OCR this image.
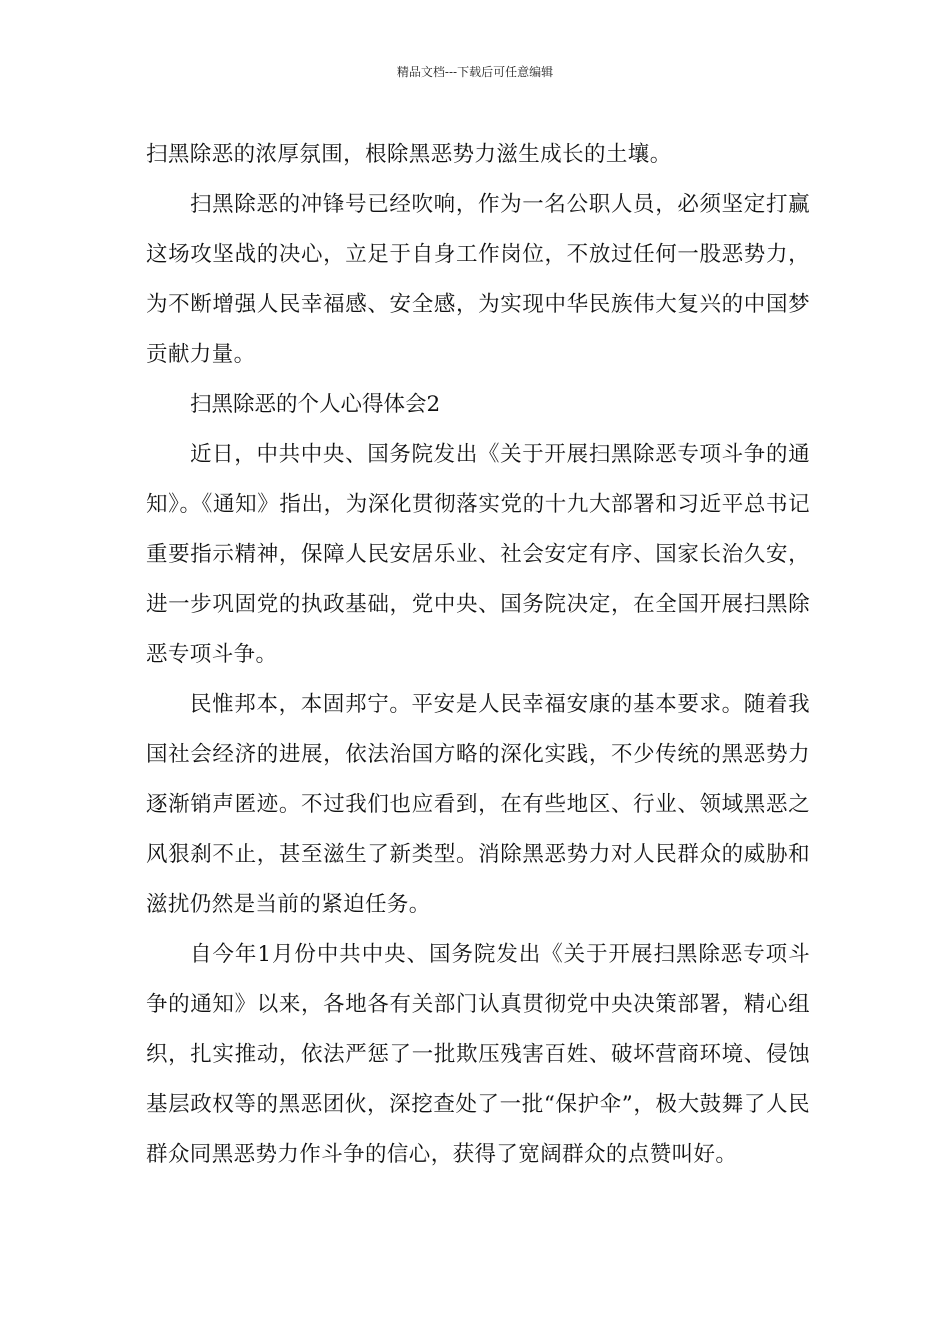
精品文档---下载后可任意编辑

扫黑除恶的浓厚氛围，根除黑恶势力滋生成长的土壤。

扫黑除恶的冲锋号已经吹响，作为一名公职人员，必须坚定打赢这场攻坚战的决心，立足于自身工作岗位，不放过任何一股恶势力，为不断增强人民幸福感、安全感，为实现中华民族伟大复兴的中国梦贡献力量。

扫黑除恶的个人心得体会2

近日，中共中央、国务院发出《关于开展扫黑除恶专项斗争的通知》。《通知》指出，为深化贯彻落实党的十九大部署和习近平总书记重要指示精神，保障人民安居乐业、社会安定有序、国家长治久安，进一步巩固党的执政基础，党中央、国务院决定，在全国开展扫黑除恶专项斗争。

民惟邦本，本固邦宁。平安是人民幸福安康的基本要求。随着我国社会经济的进展，依法治国方略的深化实践，不少传统的黑恶势力逐渐销声匿迹。不过我们也应看到，在有些地区、行业、领域黑恶之风狠刹不止，甚至滋生了新类型。消除黑恶势力对人民群众的威胁和滋扰仍然是当前的紧迫任务。

自今年1月份中共中央、国务院发出《关于开展扫黑除恶专项斗争的通知》以来，各地各有关部门认真贯彻党中央决策部署，精心组织，扎实推动，依法严惩了一批欺压残害百姓、破坏营商环境、侵蚀基层政权等的黑恶团伙，深挖查处了一批“保护伞”，极大鼓舞了人民群众同黑恶势力作斗争的信心，获得了宽阔群众的点赞叫好。
